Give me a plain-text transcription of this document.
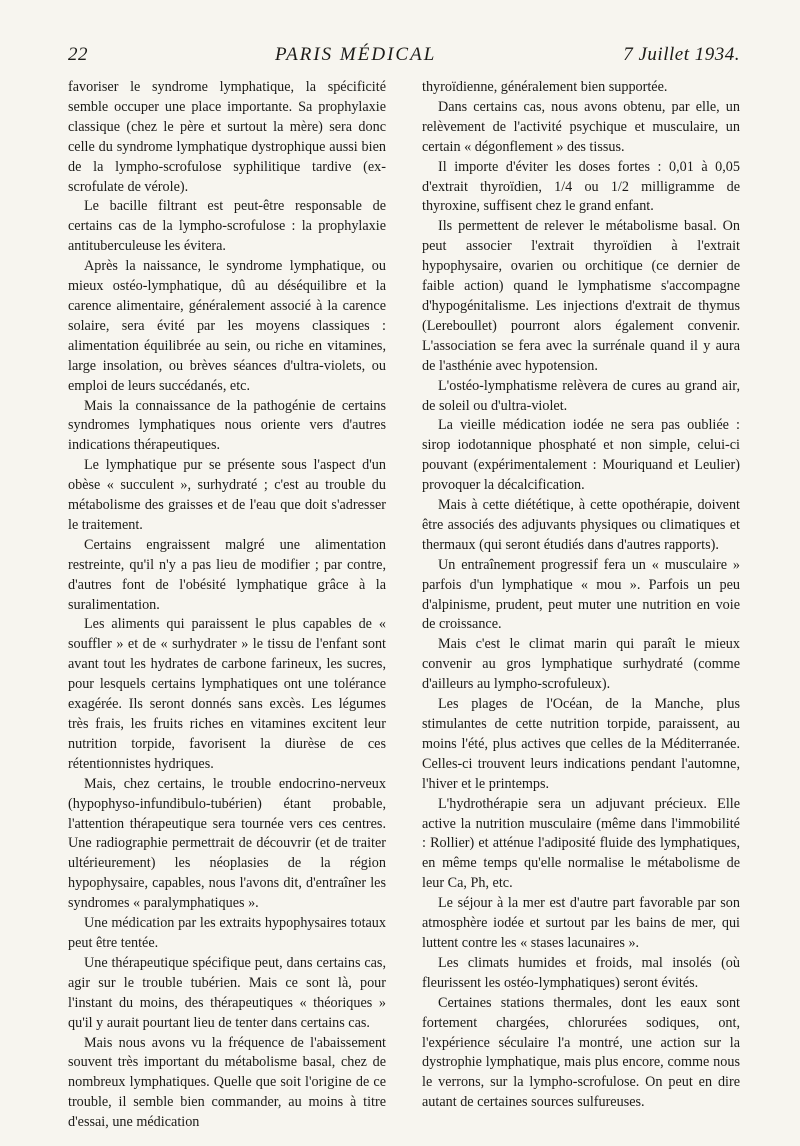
22	PARIS MÉDICAL	7 Juillet 1934.

favoriser le syndrome lymphatique, la spécificité semble occuper une place importante. Sa prophylaxie classique (chez le père et surtout la mère) sera donc celle du syndrome lymphatique dystrophique aussi bien de la lympho-scrofulose syphilitique tardive (ex-scrofulate de vérole).

Le bacille filtrant est peut-être responsable de certains cas de la lympho-scrofulose : la prophylaxie antituberculeuse les évitera.

Après la naissance, le syndrome lymphatique, ou mieux ostéo-lymphatique, dû au déséquilibre et la carence alimentaire, généralement associé à la carence solaire, sera évité par les moyens classiques : alimentation équilibrée au sein, ou riche en vitamines, large insolation, ou brèves séances d'ultra-violets, ou emploi de leurs succédanés, etc.

Mais la connaissance de la pathogénie de certains syndromes lymphatiques nous oriente vers d'autres indications thérapeutiques.

Le lymphatique pur se présente sous l'aspect d'un obèse « succulent », surhydraté ; c'est au trouble du métabolisme des graisses et de l'eau que doit s'adresser le traitement.

Certains engraissent malgré une alimentation restreinte, qu'il n'y a pas lieu de modifier ; par contre, d'autres font de l'obésité lymphatique grâce à la suralimentation.

Les aliments qui paraissent le plus capables de « souffler » et de « surhydrater » le tissu de l'enfant sont avant tout les hydrates de carbone farineux, les sucres, pour lesquels certains lymphatiques ont une tolérance exagérée. Ils seront donnés sans excès. Les légumes très frais, les fruits riches en vitamines excitent leur nutrition torpide, favorisent la diurèse de ces rétentionnistes hydriques.

Mais, chez certains, le trouble endocrino-nerveux (hypophyso-infundibulo-tubérien) étant probable, l'attention thérapeutique sera tournée vers ces centres. Une radiographie permettrait de découvrir (et de traiter ultérieurement) les néoplasies de la région hypophysaire, capables, nous l'avons dit, d'entraîner les syndromes « paralymphatiques ».

Une médication par les extraits hypophysaires totaux peut être tentée.

Une thérapeutique spécifique peut, dans certains cas, agir sur le trouble tubérien. Mais ce sont là, pour l'instant du moins, des thérapeutiques « théoriques » qu'il y aurait pourtant lieu de tenter dans certains cas.

Mais nous avons vu la fréquence de l'abaissement souvent très important du métabolisme basal, chez de nombreux lymphatiques. Quelle que soit l'origine de ce trouble, il semble bien commander, au moins à titre d'essai, une médication

thyroïdienne, généralement bien supportée.

Dans certains cas, nous avons obtenu, par elle, un relèvement de l'activité psychique et musculaire, un certain « dégonflement » des tissus.

Il importe d'éviter les doses fortes : 0,01 à 0,05 d'extrait thyroïdien, 1/4 ou 1/2 milligramme de thyroxine, suffisent chez le grand enfant.

Ils permettent de relever le métabolisme basal. On peut associer l'extrait thyroïdien à l'extrait hypophysaire, ovarien ou orchitique (ce dernier de faible action) quand le lymphatisme s'accompagne d'hypogénitalisme. Les injections d'extrait de thymus (Lereboullet) pourront alors également convenir. L'association se fera avec la surrénale quand il y aura de l'asthénie avec hypotension.

L'ostéo-lymphatisme relèvera de cures au grand air, de soleil ou d'ultra-violet.

La vieille médication iodée ne sera pas oubliée : sirop iodotannique phosphaté et non simple, celui-ci pouvant (expérimentalement : Mouriquand et Leulier) provoquer la décalcification.

Mais à cette diététique, à cette opothérapie, doivent être associés des adjuvants physiques ou climatiques et thermaux (qui seront étudiés dans d'autres rapports).

Un entraînement progressif fera un « musculaire » parfois d'un lymphatique « mou ». Parfois un peu d'alpinisme, prudent, peut muter une nutrition en voie de croissance.

Mais c'est le climat marin qui paraît le mieux convenir au gros lymphatique surhydraté (comme d'ailleurs au lympho-scrofuleux).

Les plages de l'Océan, de la Manche, plus stimulantes de cette nutrition torpide, paraissent, au moins l'été, plus actives que celles de la Méditerranée. Celles-ci trouvent leurs indications pendant l'automne, l'hiver et le printemps.

L'hydrothérapie sera un adjuvant précieux. Elle active la nutrition musculaire (même dans l'immobilité : Rollier) et atténue l'adiposité fluide des lymphatiques, en même temps qu'elle normalise le métabolisme de leur Ca, Ph, etc.

Le séjour à la mer est d'autre part favorable par son atmosphère iodée et surtout par les bains de mer, qui luttent contre les « stases lacunaires ».

Les climats humides et froids, mal insolés (où fleurissent les ostéo-lymphatiques) seront évités.

Certaines stations thermales, dont les eaux sont fortement chargées, chlorurées sodiques, ont, l'expérience séculaire l'a montré, une action sur la dystrophie lymphatique, mais plus encore, comme nous le verrons, sur la lympho-scrofulose. On peut en dire autant de certaines sources sulfureuses.
